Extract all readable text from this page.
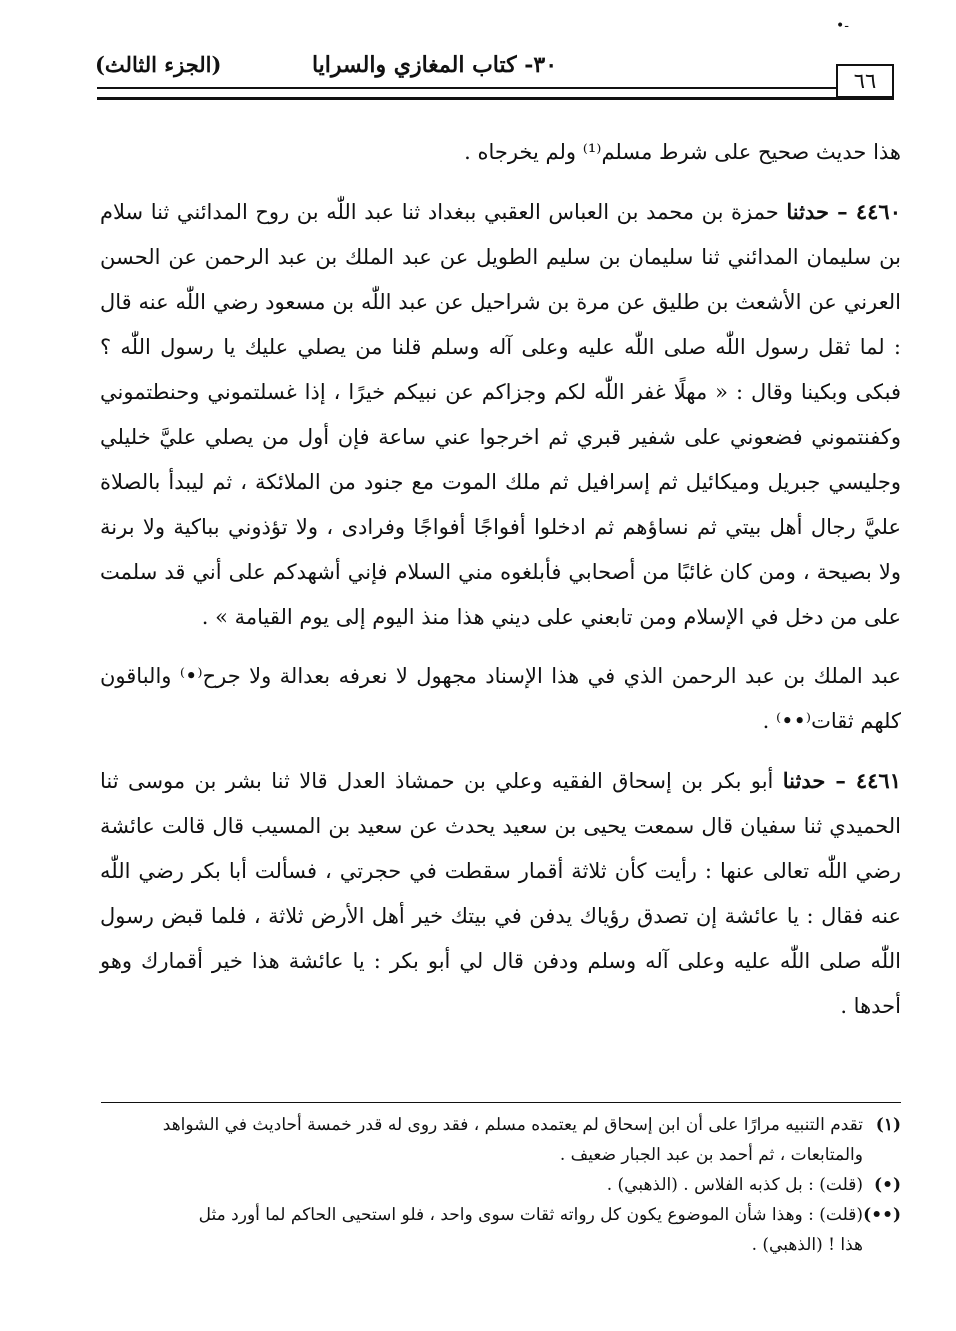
-•
٦٦
٣٠- كتاب المغازي والسرايا
(الجزء الثالث)

هذا حديث صحيح على شرط مسلم⁽¹⁾ ولم يخرجاه .

٤٤٦٠ – حدثنا حمزة بن محمد بن العباس العقبي ببغداد ثنا عبد اللّٰه بن روح المدائني ثنا سلام بن سليمان المدائني ثنا سليمان بن سليم الطويل عن عبد الملك بن عبد الرحمن عن الحسن العرني عن الأشعث بن طليق عن مرة بن شراحيل عن عبد اللّٰه بن مسعود رضي اللّٰه عنه قال : لما ثقل رسول اللّٰه صلى اللّٰه عليه وعلى آله وسلم قلنا من يصلي عليك يا رسول اللّٰه ؟ فبكى وبكينا وقال : « مهلًا غفر اللّٰه لكم وجزاكم عن نبيكم خيرًا ، إذا غسلتموني وحنطتموني وكفنتموني فضعوني على شفير قبري ثم اخرجوا عني ساعة فإن أول من يصلي عليَّ خليلي وجليسي جبريل وميكائيل ثم إسرافيل ثم ملك الموت مع جنود من الملائكة ، ثم ليبدأ بالصلاة عليَّ رجال أهل بيتي ثم نساؤهم ثم ادخلوا أفواجًا أفواجًا وفرادى ، ولا تؤذوني بباكية ولا برنة ولا بصيحة ، ومن كان غائبًا من أصحابي فأبلغوه مني السلام فإني أشهدكم على أني قد سلمت على من دخل في الإسلام ومن تابعني على ديني هذا منذ اليوم إلى يوم القيامة » .

عبد الملك بن عبد الرحمن الذي في هذا الإسناد مجهول لا نعرفه بعدالة ولا جرح⁽•⁾ والباقون كلهم ثقات⁽••⁾ .

٤٤٦١ – حدثنا أبو بكر بن إسحاق الفقيه وعلي بن حمشاذ العدل قالا ثنا بشر بن موسى ثنا الحميدي ثنا سفيان قال سمعت يحيى بن سعيد يحدث عن سعيد بن المسيب قال قالت عائشة رضي اللّٰه تعالى عنها : رأيت كأن ثلاثة أقمار سقطت في حجرتي ، فسألت أبا بكر رضي اللّٰه عنه فقال : يا عائشة إن تصدق رؤياك يدفن في بيتك خير أهل الأرض ثلاثة ، فلما قبض رسول اللّٰه صلى اللّٰه عليه وعلى آله وسلم ودفن قال لي أبو بكر : يا عائشة هذا خير أقمارك وهو أحدها .

(١)تقدم التنبيه مرارًا على أن ابن إسحاق لم يعتمده مسلم ، فقد روى له قدر خمسة أحاديث في الشواهد

والمتابعات ، ثم أحمد بن عبد الجبار ضعيف .

(•)(قلت) : بل كذبه الفلاس . (الذهبي) .

(••)(قلت) : وهذا شأن الموضوع يكون كل رواته ثقات سوى واحد ، فلو استحيى الحاكم لما أورد مثل

هذا ! (الذهبي) .
